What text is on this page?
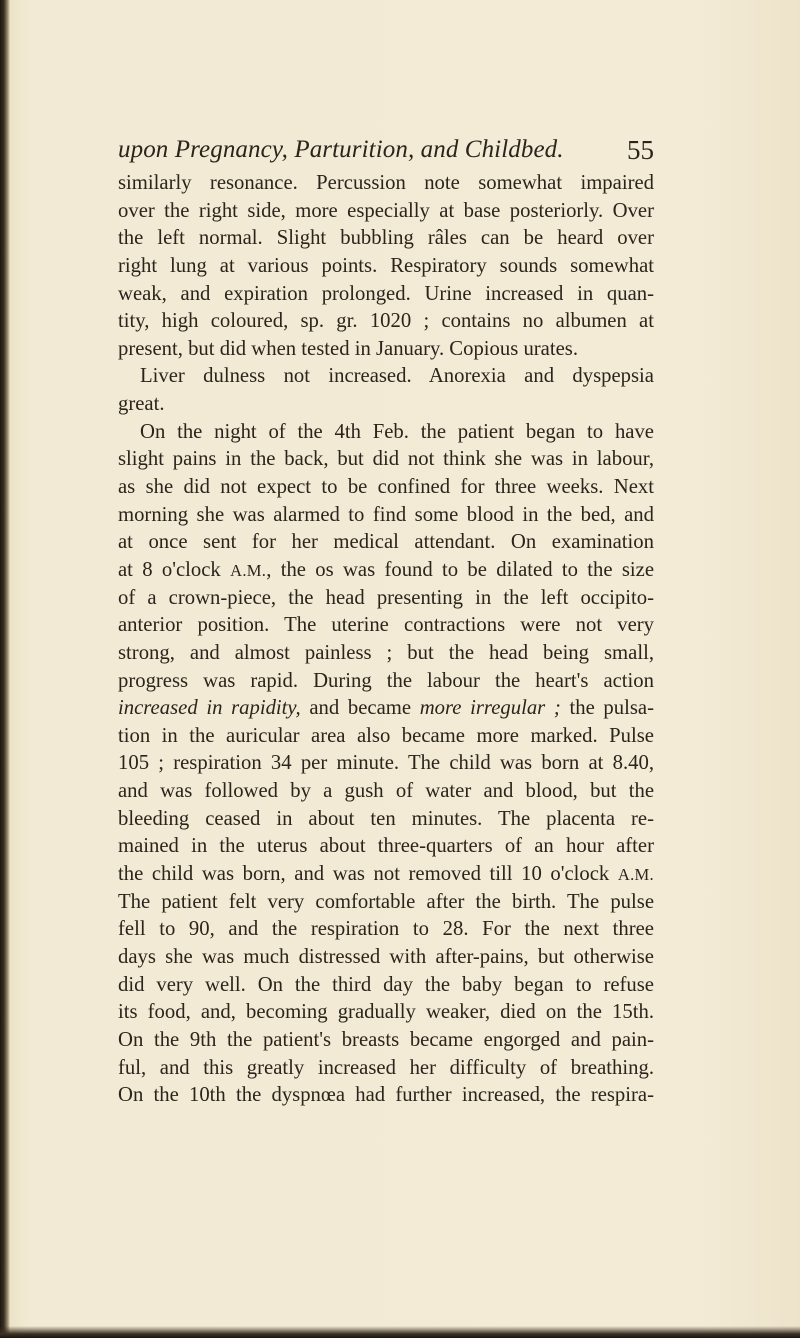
upon Pregnancy, Parturition, and Childbed. 55
similarly resonance. Percussion note somewhat impaired
over the right side, more especially at base posteriorly. Over
the left normal. Slight bubbling râles can be heard over
right lung at various points. Respiratory sounds somewhat
weak, and expiration prolonged. Urine increased in quan-
tity, high coloured, sp. gr. 1020 ; contains no albumen at
present, but did when tested in January. Copious urates.
Liver dulness not increased. Anorexia and dyspepsia
great.
On the night of the 4th Feb. the patient began to have
slight pains in the back, but did not think she was in labour,
as she did not expect to be confined for three weeks. Next
morning she was alarmed to find some blood in the bed, and
at once sent for her medical attendant. On examination
at 8 o'clock A.M., the os was found to be dilated to the size
of a crown-piece, the head presenting in the left occipito-
anterior position. The uterine contractions were not very
strong, and almost painless ; but the head being small,
progress was rapid. During the labour the heart's action
increased in rapidity, and became more irregular ; the pulsa-
tion in the auricular area also became more marked. Pulse
105 ; respiration 34 per minute. The child was born at 8.40,
and was followed by a gush of water and blood, but the
bleeding ceased in about ten minutes. The placenta re-
mained in the uterus about three-quarters of an hour after
the child was born, and was not removed till 10 o'clock A.M.
The patient felt very comfortable after the birth. The pulse
fell to 90, and the respiration to 28. For the next three
days she was much distressed with after-pains, but otherwise
did very well. On the third day the baby began to refuse
its food, and, becoming gradually weaker, died on the 15th.
On the 9th the patient's breasts became engorged and pain-
ful, and this greatly increased her difficulty of breathing.
On the 10th the dyspnœa had further increased, the respira-
